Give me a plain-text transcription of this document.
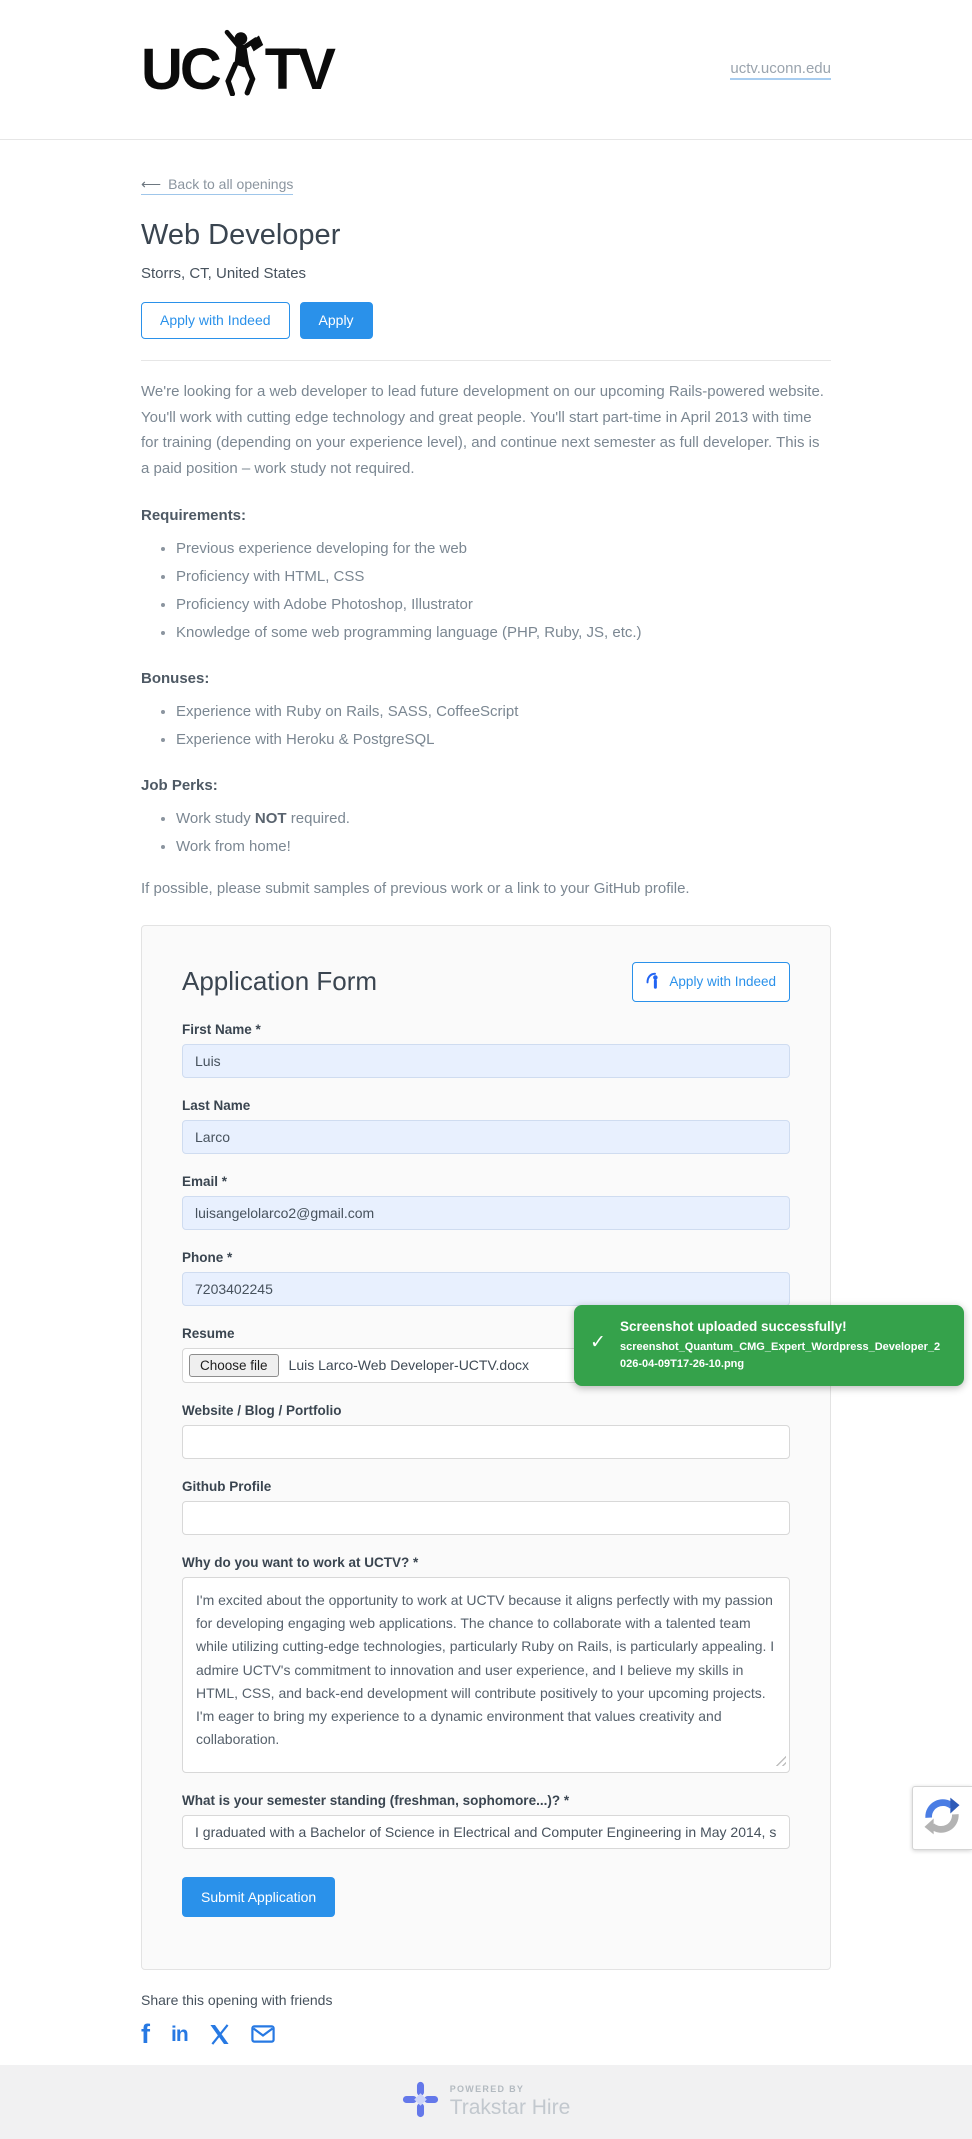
UC TV	uctv.uconn.edu
⟵ Back to all openings
Web Developer
Storrs, CT, United States
Apply with Indeed	Apply

We're looking for a web developer to lead future development on our upcoming Rails-powered website. You'll work with cutting edge technology and great people. You'll start part-time in April 2013 with time for training (depending on your experience level), and continue next semester as full developer. This is a paid position – work study not required.

Requirements:
• Previous experience developing for the web
• Proficiency with HTML, CSS
• Proficiency with Adobe Photoshop, Illustrator
• Knowledge of some web programming language (PHP, Ruby, JS, etc.)
Bonuses:
• Experience with Ruby on Rails, SASS, CoffeeScript
• Experience with Heroku & PostgreSQL
Job Perks:
• Work study NOT required.
• Work from home!

If possible, please submit samples of previous work or a link to your GitHub profile.

Application Form	Apply with Indeed
First Name *
Luis
Last Name
Larco
Email *
luisangelolarco2@gmail.com
Phone *
7203402245
Resume
Choose file	Luis Larco-Web Developer-UCTV.docx
Website / Blog / Portfolio
Github Profile
Why do you want to work at UCTV? *
I'm excited about the opportunity to work at UCTV because it aligns perfectly with my passion for developing engaging web applications. The chance to collaborate with a talented team while utilizing cutting-edge technologies, particularly Ruby on Rails, is particularly appealing. I admire UCTV's commitment to innovation and user experience, and I believe my skills in HTML, CSS, and back-end development will contribute positively to your upcoming projects. I'm eager to bring my experience to a dynamic environment that values creativity and collaboration.
What is your semester standing (freshman, sophomore...)? *
I graduated with a Bachelor of Science in Electrical and Computer Engineering in May 2014, so I
Submit Application
Share this opening with friends
f in
✓
Screenshot uploaded successfully!
screenshot_Quantum_CMG_Expert_Wordpress_Developer_2026-04-09T17-26-10.png
POWERED BY
Trakstar Hire
